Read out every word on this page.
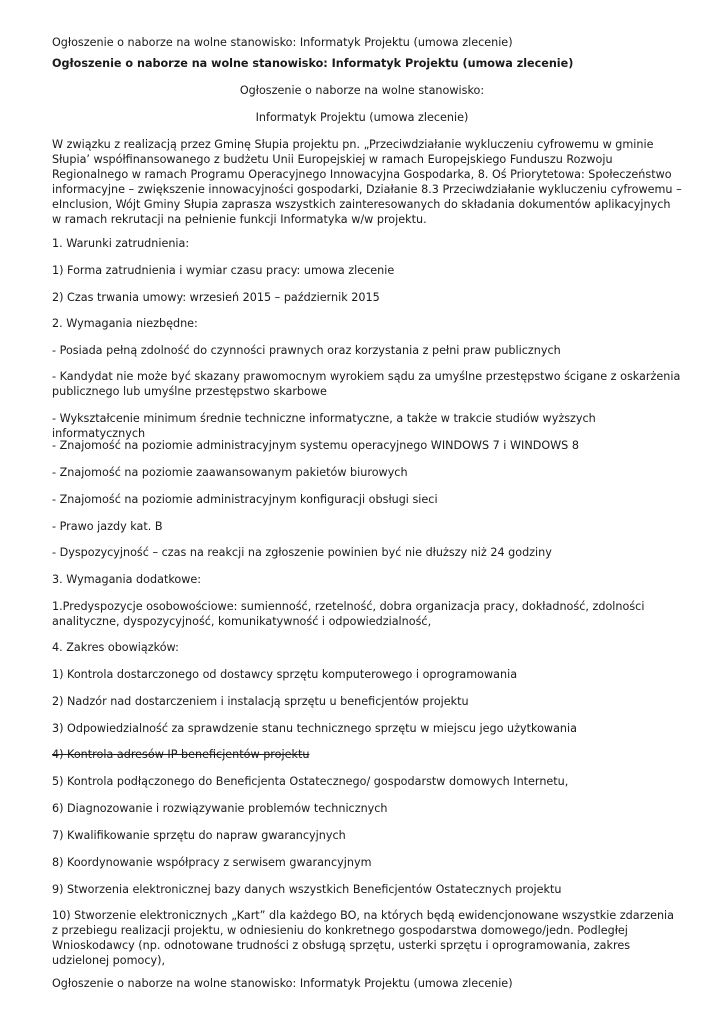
Ogłoszenie o naborze na wolne stanowisko: Informatyk Projektu (umowa zlecenie)

Ogłoszenie o naborze na wolne stanowisko: Informatyk Projektu (umowa zlecenie)

Ogłoszenie o naborze na wolne stanowisko:

Informatyk Projektu (umowa zlecenie)

W związku z realizacją przez Gminę Słupia projektu pn. „Przeciwdziałanie wykluczeniu cyfrowemu w gminie Słupia’ współfinansowanego z budżetu Unii Europejskiej w ramach Europejskiego Funduszu Rozwoju Regionalnego w ramach Programu Operacyjnego Innowacyjna Gospodarka, 8. Oś Priorytetowa: Społeczeństwo informacyjne – zwiększenie innowacyjności gospodarki, Działanie 8.3 Przeciwdziałanie wykluczeniu cyfrowemu – eInclusion, Wójt Gminy Słupia zaprasza wszystkich zainteresowanych do składania dokumentów aplikacyjnych w ramach rekrutacji na pełnienie funkcji Informatyka w/w projektu.

1. Warunki zatrudnienia:

1) Forma zatrudnienia i wymiar czasu pracy: umowa zlecenie

2) Czas trwania umowy: wrzesień 2015 – październik 2015

2. Wymagania niezbędne:

- Posiada pełną zdolność do czynności prawnych oraz korzystania z pełni praw publicznych

- Kandydat nie może być skazany prawomocnym wyrokiem sądu za umyślne przestępstwo ścigane z oskarżenia publicznego lub umyślne przestępstwo skarbowe

- Wykształcenie minimum średnie techniczne informatyczne, a także w trakcie studiów wyższych informatycznych

- Znajomość na poziomie administracyjnym systemu operacyjnego WINDOWS 7 i WINDOWS 8

- Znajomość na poziomie zaawansowanym pakietów biurowych

- Znajomość na poziomie administracyjnym konfiguracji obsługi sieci

- Prawo jazdy kat. B

- Dyspozycyjność – czas na reakcji na zgłoszenie powinien być nie dłuższy niż 24 godziny

3. Wymagania dodatkowe:

1.Predyspozycje osobowościowe: sumienność, rzetelność, dobra organizacja pracy, dokładność, zdolności analityczne, dyspozycyjność, komunikatywność i odpowiedzialność,

4. Zakres obowiązków:

1) Kontrola dostarczonego od dostawcy sprzętu komputerowego i oprogramowania

2) Nadzór nad dostarczeniem i instalacją sprzętu u beneficjentów projektu

3) Odpowiedzialność za sprawdzenie stanu technicznego sprzętu w miejscu jego użytkowania

4) Kontrola adresów IP beneficjentów projektu

5) Kontrola podłączonego do Beneficjenta Ostatecznego/ gospodarstw domowych Internetu,

6) Diagnozowanie i rozwiązywanie problemów technicznych

7) Kwalifikowanie sprzętu do napraw gwarancyjnych

8) Koordynowanie współpracy z serwisem gwarancyjnym

9) Stworzenia elektronicznej bazy danych wszystkich Beneficjentów Ostatecznych projektu

10) Stworzenie elektronicznych „Kart” dla każdego BO, na których będą ewidencjonowane wszystkie zdarzenia z przebiegu realizacji projektu, w odniesieniu do konkretnego gospodarstwa domowego/jedn. Podległej Wnioskodawcy (np. odnotowane trudności z obsługą sprzętu, usterki sprzętu i oprogramowania, zakres udzielonej pomocy),

Ogłoszenie o naborze na wolne stanowisko: Informatyk Projektu (umowa zlecenie)
